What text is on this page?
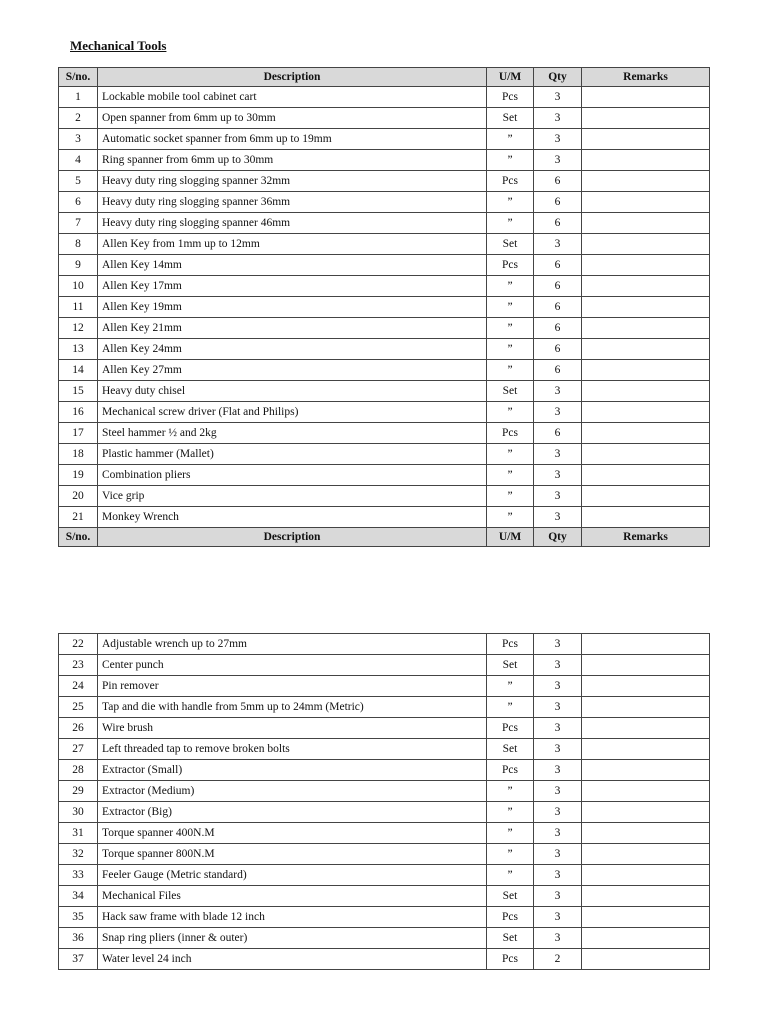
Mechanical Tools
S/no.	Description	U/M	Qty	Remarks
1	Lockable mobile tool cabinet cart	Pcs	3	
2	Open spanner from 6mm up to 30mm	Set	3	
3	Automatic socket spanner from 6mm up to 19mm	”	3	
4	Ring spanner from 6mm up to 30mm	”	3	
5	Heavy duty ring slogging spanner 32mm	Pcs	6	
6	Heavy duty ring slogging spanner 36mm	”	6	
7	Heavy duty ring slogging spanner 46mm	”	6	
8	Allen Key from 1mm up to 12mm	Set	3	
9	Allen Key 14mm	Pcs	6	
10	Allen Key 17mm	”	6	
11	Allen Key 19mm	”	6	
12	Allen Key 21mm	”	6	
13	Allen Key 24mm	”	6	
14	Allen Key 27mm	”	6	
15	Heavy duty chisel	Set	3	
16	Mechanical screw driver (Flat and Philips)	”	3	
17	Steel hammer ½ and 2kg	Pcs	6	
18	Plastic hammer (Mallet)	”	3	
19	Combination pliers	”	3	
20	Vice grip	”	3	
21	Monkey Wrench	”	3	
S/no.	Description	U/M	Qty	Remarks
22	Adjustable wrench up to 27mm	Pcs	3	
23	Center punch	Set	3	
24	Pin remover	”	3	
25	Tap and die with handle from 5mm up to 24mm (Metric)	”	3	
26	Wire brush	Pcs	3	
27	Left threaded tap to remove broken bolts	Set	3	
28	Extractor (Small)	Pcs	3	
29	Extractor (Medium)	”	3	
30	Extractor (Big)	”	3	
31	Torque spanner 400N.M	”	3	
32	Torque spanner 800N.M	”	3	
33	Feeler Gauge (Metric standard)	”	3	
34	Mechanical Files	Set	3	
35	Hack saw frame with blade 12 inch	Pcs	3	
36	Snap ring pliers (inner & outer)	Set	3	
37	Water level 24 inch	Pcs	2	
